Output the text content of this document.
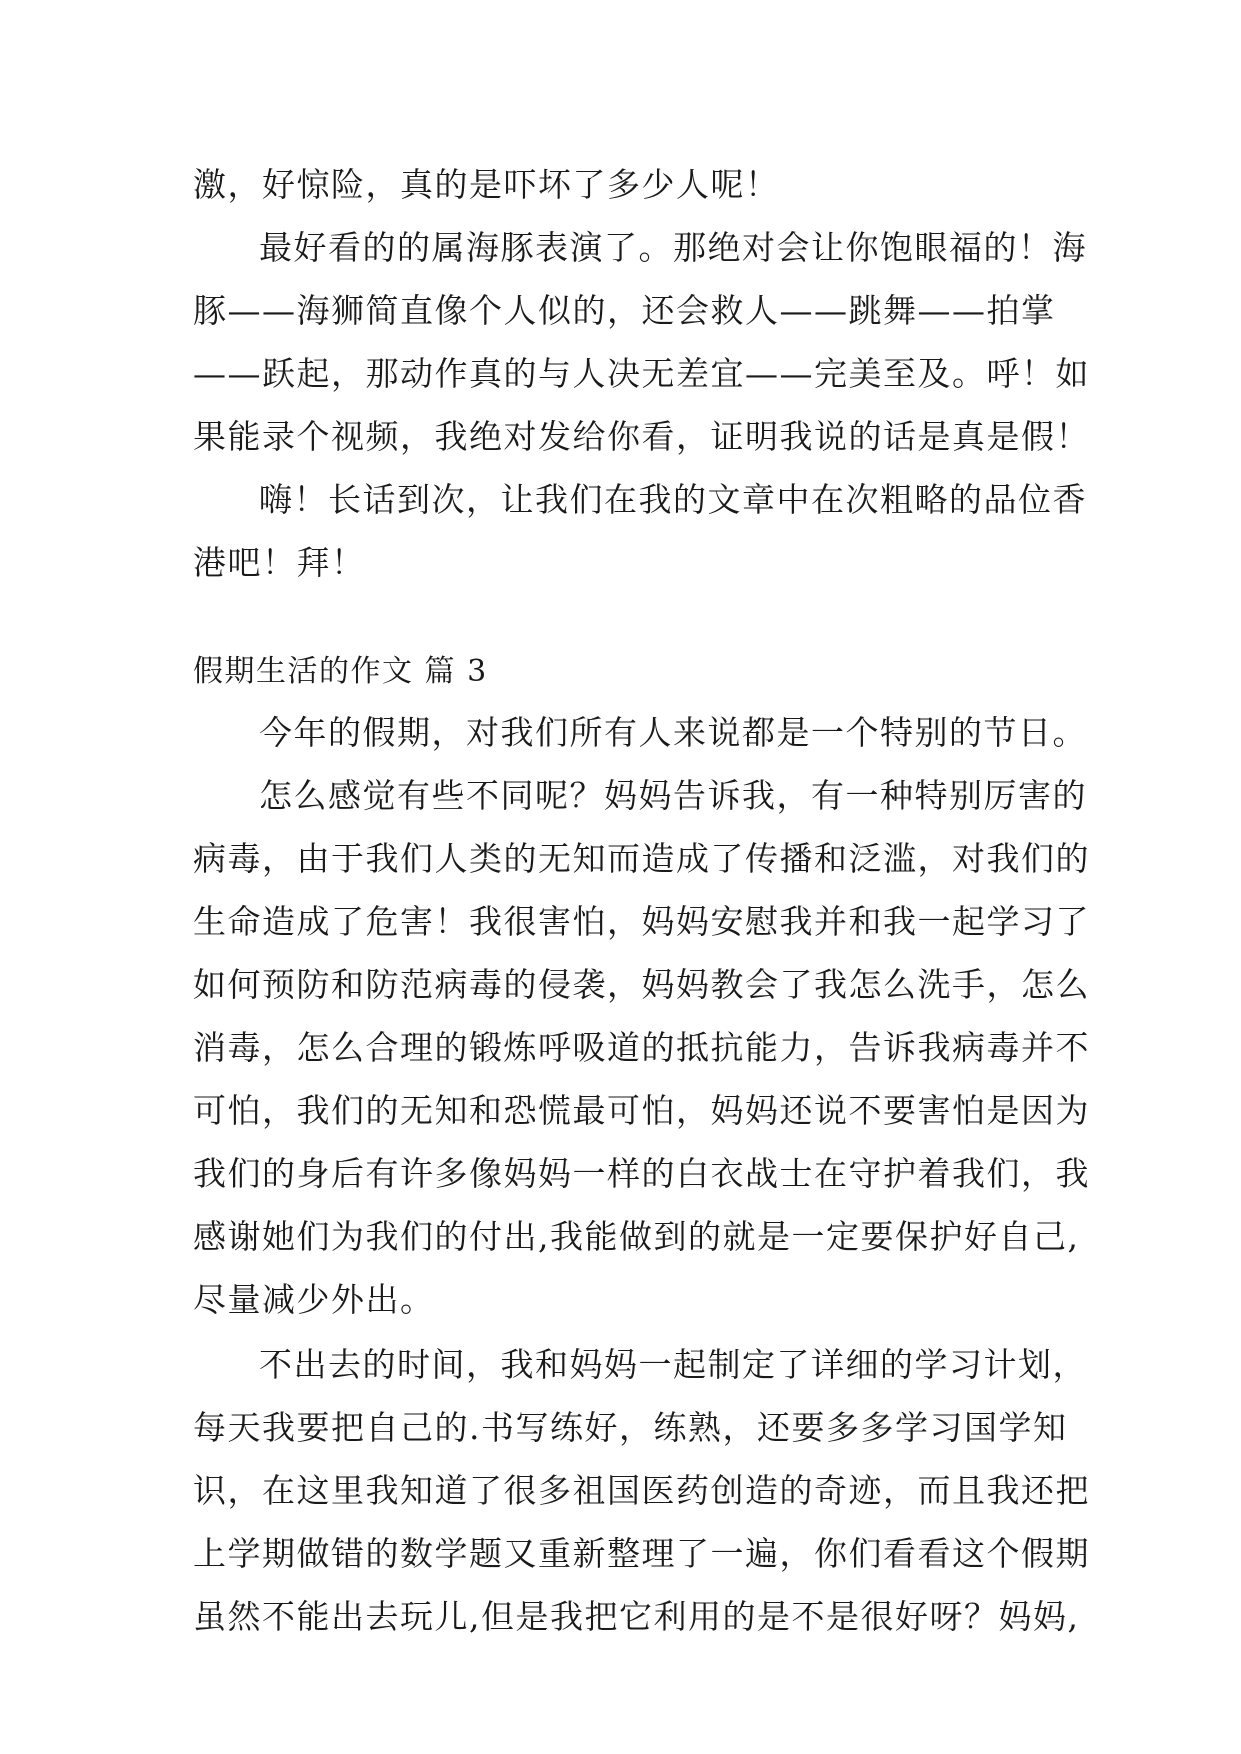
激，好惊险，真的是吓坏了多少人呢！
最好看的的属海豚表演了。那绝对会让你饱眼福的！海
豚——海狮简直像个人似的，还会救人——跳舞——拍掌
——跃起，那动作真的与人决无差宜——完美至及。呼！如
果能录个视频，我绝对发给你看，证明我说的话是真是假！
嗨！长话到次，让我们在我的文章中在次粗略的品位香
港吧！拜！
假期生活的作文 篇 3
今年的假期，对我们所有人来说都是一个特别的节日。
怎么感觉有些不同呢？妈妈告诉我，有一种特别厉害的
病毒，由于我们人类的无知而造成了传播和泛滥，对我们的
生命造成了危害！我很害怕，妈妈安慰我并和我一起学习了
如何预防和防范病毒的侵袭，妈妈教会了我怎么洗手，怎么
消毒，怎么合理的锻炼呼吸道的抵抗能力，告诉我病毒并不
可怕，我们的无知和恐慌最可怕，妈妈还说不要害怕是因为
我们的身后有许多像妈妈一样的白衣战士在守护着我们，我
感谢她们为我们的付出,我能做到的就是一定要保护好自己,
尽量减少外出。
不出去的时间，我和妈妈一起制定了详细的学习计划，
每天我要把自己的.书写练好，练熟，还要多多学习国学知
识，在这里我知道了很多祖国医药创造的奇迹，而且我还把
上学期做错的数学题又重新整理了一遍，你们看看这个假期
虽然不能出去玩儿,但是我把它利用的是不是很好呀？妈妈,
